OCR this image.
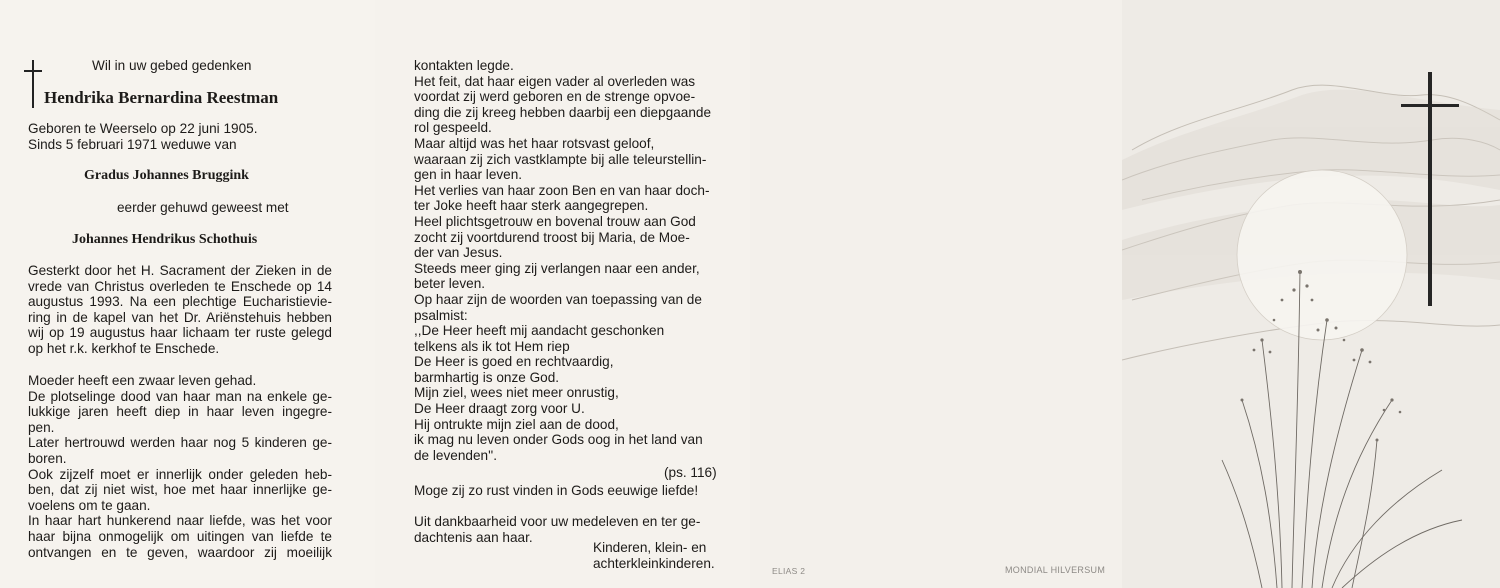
Wil in uw gebed gedenken
Hendrika Bernardina Reestman
Geboren te Weerselo op 22 juni 1905.
Sinds 5 februari 1971 weduwe van
Gradus Johannes Bruggink
eerder gehuwd geweest met
Johannes Hendrikus Schothuis
Gesterkt door het H. Sacrament der Zieken in de
vrede van Christus overleden te Enschede op 14
augustus 1993. Na een plechtige Eucharistievie-
ring in de kapel van het Dr. Ariënstehuis hebben
wij op 19 augustus haar lichaam ter ruste gelegd
op het r.k. kerkhof te Enschede.
Moeder heeft een zwaar leven gehad.
De plotselinge dood van haar man na enkele ge-
lukkige jaren heeft diep in haar leven ingegre-
pen.
Later hertrouwd werden haar nog 5 kinderen ge-
boren.
Ook zijzelf moet er innerlijk onder geleden heb-
ben, dat zij niet wist, hoe met haar innerlijke ge-
voelens om te gaan.
In haar hart hunkerend naar liefde, was het voor
haar bijna onmogelijk om uitingen van liefde te
ontvangen en te geven, waardoor zij moeilijk
kontakten legde.
Het feit, dat haar eigen vader al overleden was
voordat zij werd geboren en de strenge opvoe-
ding die zij kreeg hebben daarbij een diepgaande
rol gespeeld.
Maar altijd was het haar rotsvast geloof,
waaraan zij zich vastklampte bij alle teleurstellin-
gen in haar leven.
Het verlies van haar zoon Ben en van haar doch-
ter Joke heeft haar sterk aangegrepen.
Heel plichtsgetrouw en bovenal trouw aan God
zocht zij voortdurend troost bij Maria, de Moe-
der van Jesus.
Steeds meer ging zij verlangen naar een ander,
beter leven.
Op haar zijn de woorden van toepassing van de
psalmist:
,,De Heer heeft mij aandacht geschonken
telkens als ik tot Hem riep
De Heer is goed en rechtvaardig,
barmhartig is onze God.
Mijn ziel, wees niet meer onrustig,
De Heer draagt zorg voor U.
Hij ontrukte mijn ziel aan de dood,
ik mag nu leven onder Gods oog in het land van
de levenden''.
(ps. 116)
Moge zij zo rust vinden in Gods eeuwige liefde!
Uit dankbaarheid voor uw medeleven en ter ge-
dachtenis aan haar.
Kinderen, klein- en
achterkleinkinderen.
ELIAS 2	MONDIAL HILVERSUM
